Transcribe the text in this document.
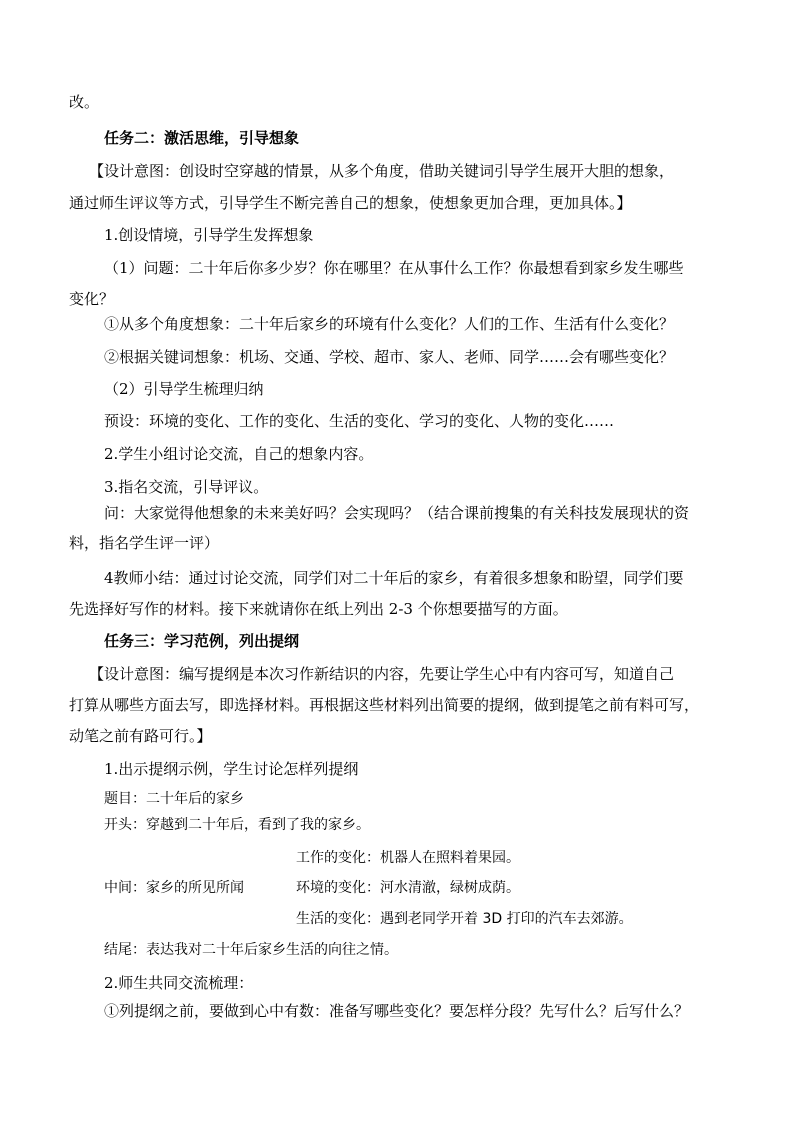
改。
任务二：激活思维，引导想象
【设计意图：创设时空穿越的情景，从多个角度，借助关键词引导学生展开大胆的想象，
通过师生评议等方式，引导学生不断完善自己的想象，使想象更加合理，更加具体。】
1.创设情境，引导学生发挥想象
（1）问题：二十年后你多少岁？你在哪里？在从事什么工作？你最想看到家乡发生哪些
变化？
①从多个角度想象：二十年后家乡的环境有什么变化？人们的工作、生活有什么变化？
②根据关键词想象：机场、交通、学校、超市、家人、老师、同学……会有哪些变化？
（2）引导学生梳理归纳
预设：环境的变化、工作的变化、生活的变化、学习的变化、人物的变化……
2.学生小组讨论交流，自己的想象内容。
3.指名交流，引导评议。
问：大家觉得他想象的未来美好吗？会实现吗？（结合课前搜集的有关科技发展现状的资
料，指名学生评一评）
4教师小结：通过讨论交流，同学们对二十年后的家乡，有着很多想象和盼望，同学们要
先选择好写作的材料。接下来就请你在纸上列出 2-3 个你想要描写的方面。
任务三：学习范例，列出提纲
【设计意图：编写提纲是本次习作新结识的内容，先要让学生心中有内容可写，知道自己
打算从哪些方面去写，即选择材料。再根据这些材料列出简要的提纲，做到提笔之前有料可写，
动笔之前有路可行。】
1.出示提纲示例，学生讨论怎样列提纲
题目：二十年后的家乡
开头：穿越到二十年后，看到了我的家乡。
工作的变化：机器人在照料着果园。
中间：家乡的所见所闻	环境的变化：河水清澈，绿树成荫。
生活的变化：遇到老同学开着 3D 打印的汽车去郊游。
结尾：表达我对二十年后家乡生活的向往之情。
2.师生共同交流梳理：
①列提纲之前，要做到心中有数：准备写哪些变化？要怎样分段？先写什么？后写什么？
